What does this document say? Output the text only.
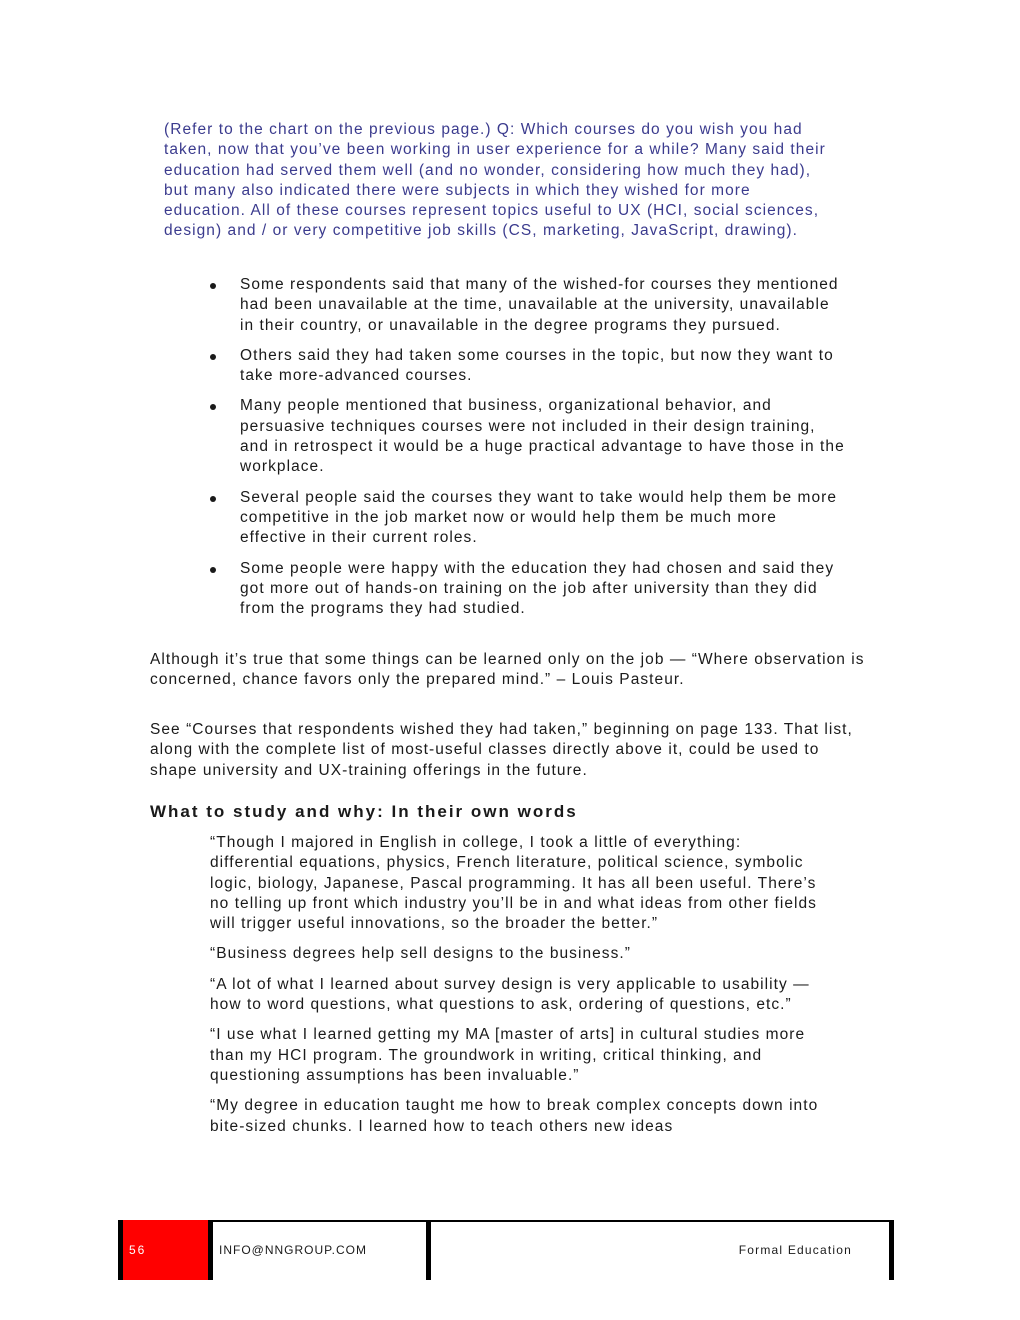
(Refer to the chart on the previous page.) Q: Which courses do you wish you had taken, now that you’ve been working in user experience for a while? Many said their education had served them well (and no wonder, considering how much they had), but many also indicated there were subjects in which they wished for more education. All of these courses represent topics useful to UX (HCI, social sciences, design) and / or very competitive job skills (CS, marketing, JavaScript, drawing).

Some respondents said that many of the wished-for courses they mentioned had been unavailable at the time, unavailable at the university, unavailable in their country, or unavailable in the degree programs they pursued.
Others said they had taken some courses in the topic, but now they want to take more-advanced courses.
Many people mentioned that business, organizational behavior, and persuasive techniques courses were not included in their design training, and in retrospect it would be a huge practical advantage to have those in the workplace.
Several people said the courses they want to take would help them be more competitive in the job market now or would help them be much more effective in their current roles.
Some people were happy with the education they had chosen and said they got more out of hands-on training on the job after university than they did from the programs they had studied.

Although it’s true that some things can be learned only on the job — “Where observation is concerned, chance favors only the prepared mind.” – Louis Pasteur.

See “Courses that respondents wished they had taken,” beginning on page 133. That list, along with the complete list of most-useful classes directly above it, could be used to shape university and UX-training offerings in the future.

What to study and why: In their own words

“Though I majored in English in college, I took a little of everything: differential equations, physics, French literature, political science, symbolic logic, biology, Japanese, Pascal programming. It has all been useful. There’s no telling up front which industry you’ll be in and what ideas from other fields will trigger useful innovations, so the broader the better.”

“Business degrees help sell designs to the business.”

“A lot of what I learned about survey design is very applicable to usability — how to word questions, what questions to ask, ordering of questions, etc.”

“I use what I learned getting my MA [master of arts] in cultural studies more than my HCI program. The groundwork in writing, critical thinking, and questioning assumptions has been invaluable.”

“My degree in education taught me how to break complex concepts down into bite-sized chunks. I learned how to teach others new ideas

56	INFO@NNGROUP.COM	Formal Education
